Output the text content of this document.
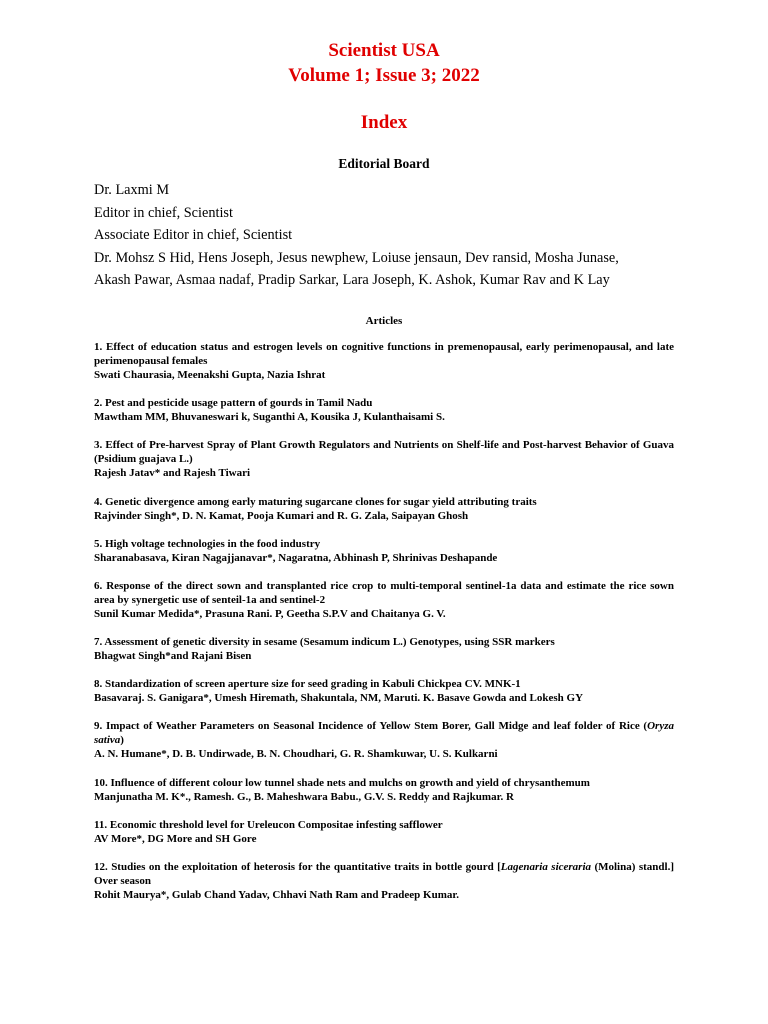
Scientist USA
Volume 1; Issue 3; 2022
Index
Editorial Board
Dr. Laxmi M
Editor in chief, Scientist
Associate Editor in chief, Scientist
Dr. Mohsz S Hid, Hens Joseph, Jesus newphew, Loiuse jensaun, Dev ransid, Mosha Junase,
Akash Pawar, Asmaa nadaf, Pradip Sarkar, Lara Joseph, K. Ashok, Kumar Rav and K Lay
Articles
1. Effect of education status and estrogen levels on cognitive functions in premenopausal, early perimenopausal, and late perimenopausal females
Swati Chaurasia, Meenakshi Gupta, Nazia Ishrat
2. Pest and pesticide usage pattern of gourds in Tamil Nadu
Mawtham MM, Bhuvaneswari k, Suganthi A, Kousika J, Kulanthaisami S.
3. Effect of Pre-harvest Spray of Plant Growth Regulators and Nutrients on Shelf-life and Post-harvest Behavior of Guava (Psidium guajava L.)
Rajesh Jatav* and Rajesh Tiwari
4. Genetic divergence among early maturing sugarcane clones for sugar yield attributing traits
Rajvinder Singh*, D. N. Kamat, Pooja Kumari and R. G. Zala, Saipayan Ghosh
5. High voltage technologies in the food industry
Sharanabasava, Kiran Nagajjanavar*, Nagaratna, Abhinash P, Shrinivas Deshapande
6. Response of the direct sown and transplanted rice crop to multi-temporal sentinel-1a data and estimate the rice sown area by synergetic use of senteil-1a and sentinel-2
Sunil Kumar Medida*, Prasuna Rani. P, Geetha S.P.V and Chaitanya G. V.
7. Assessment of genetic diversity in sesame (Sesamum indicum L.) Genotypes, using SSR markers
Bhagwat Singh*and Rajani Bisen
8. Standardization of screen aperture size for seed grading in Kabuli Chickpea CV. MNK-1
Basavaraj. S. Ganigara*, Umesh Hiremath, Shakuntala, NM, Maruti. K. Basave Gowda and Lokesh GY
9. Impact of Weather Parameters on Seasonal Incidence of Yellow Stem Borer, Gall Midge and leaf folder of Rice (Oryza sativa)
A. N. Humane*, D. B. Undirwade, B. N. Choudhari, G. R. Shamkuwar, U. S. Kulkarni
10. Influence of different colour low tunnel shade nets and mulchs on growth and yield of chrysanthemum
Manjunatha M. K*., Ramesh. G., B. Maheshwara Babu., G.V. S. Reddy and Rajkumar. R
11. Economic threshold level for Ureleucon Compositae infesting safflower
AV More*, DG More and SH Gore
12. Studies on the exploitation of heterosis for the quantitative traits in bottle gourd [Lagenaria siceraria (Molina) standl.] Over season
Rohit Maurya*, Gulab Chand Yadav, Chhavi Nath Ram and Pradeep Kumar.
